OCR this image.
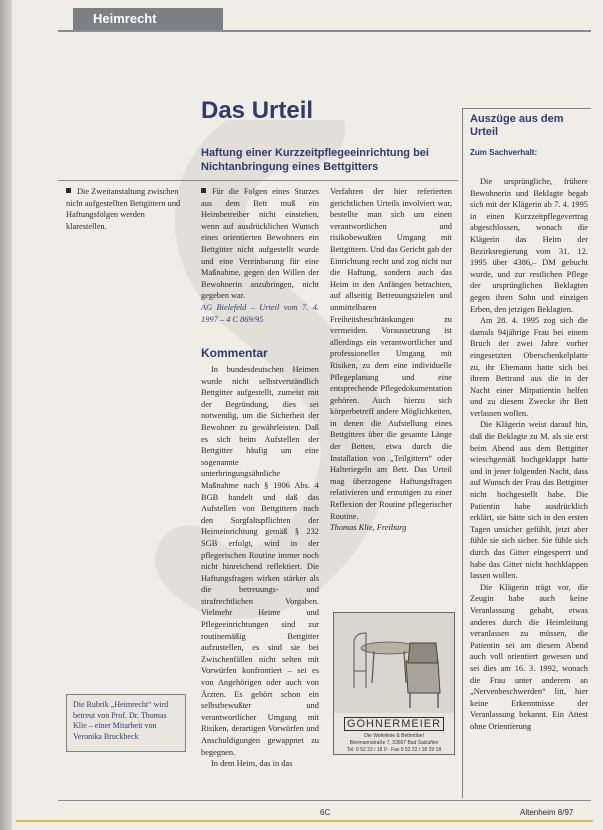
Heimrecht
Das Urteil
Haftung einer Kurzzeitpflegeeinrichtung bei Nichtanbringung eines Bettgitters
Die Zweitanstaltung zwischen nicht aufgestellten Bettgittern und Haftungsfolgen werden klarestellen.

Für die Folgen eines Sturzes aus dem Bett muß ein Heimbetreiber nicht einstehen, wenn auf ausdrücklichen Wunsch eines orientierten Bewohners ein Bettgitter nicht aufgestellt wurde und eine Vereinbarung für eine Maßnahme, gegen den Willen der Bewohnerin anzubringen, nicht gegeben war.

AG Bielefeld – Urteil vom 7. 4. 1997 – 4 C 869/95

Kommentar

In bundesdeutschen Heimen wurde nicht selbstverständlich Bettgitter aufgestellt, zumeist mit der Begründung, dies sei notwendig, um die Sicherheit der Bewohner zu gewährleisten. Daß es sich beim Aufstellen der Bettgitter häufig um eine sogenannte unterbringungsähnliche Maßnahme nach § 1906 Abs. 4 BGB handelt und daß das Aufstellen von Bettgittern nach den Sorgfaltspflichten der Heimeinrichtung gemäß § 232 SGB erfolgt, wird in der pflegerischen Routine immer noch nicht hinreichend reflektiert. Die Haftungsfragen wirken stärker als die betreuungs- und strafrechtlichen Vorgaben. Vielmehr Heime und Pflegeeinrichtungen sind zur routinemäßig Bettgitter aufzustellen, es sind sie bei Zwischenfällen nicht selten mit Vorwürfen konfrontiert – sei es von Angehörigen oder auch von Ärzten. Es gehört schon ein selbstbewußter und verantwortlicher Umgang mit Risiken, derartigen Vorwürfen und Anschuldigungen gewappnet zu begegnen.

In dem Heim, das in das

Verfahren der hier referierten gerichtlichen Urteils involviert war, bestellte man sich um einen verantwortlichen und risikobewußten Umgang mit Bettgittern. Und das Gericht gab der Einrichtung recht und zog nicht nur die Haftung, sondern auch das Heim in den Anfängen betrachten, auf allseitig Betreuungszielen und unmittelbaren Freiheitsbeschränkungen zu vermeiden. Voraussetzung ist allerdings ein verantwortlicher und professioneller Umgang mit Risiken, zu dem eine individuelle Pflegeplanung und eine entsprechende Pflegedokumentation gehören. Auch hierzu sich körperbetreff andere Möglichkeiten, in denen die Aufstellung eines Bettgitters über die gesamte Länge der Betten, etwa durch die Installation von „Teilgittern“ oder Halteriegeln am Bett. Das Urteil mag überzogene Haftungsfragen relativieren und ermutigen zu einer Reflexion der Routine pflegerischer Routine.

Thomas Klie, Freiburg

GÖHNERMEIER
Die Wohnlinie & Bettmöbel
Biermannstraße 7, 33607 Bad Salzuflen
Tel. 0 52 22 / 18 0 · Fax 0 52 22 / 18 29 18
Auszüge aus dem Urteil
Zum Sachverhalt:

Die ursprüngliche, frühere Bewohnerin und Beklagte begab sich mit der Klägerin ab 7. 4. 1995 in einen Kurzzeitpflegevertrag abgeschlossen, wonach die Klägerin das Heim der Bezirksregierung vom 31. 12. 1995 über 4386,– DM gebucht wurde, und zur restlichen Pflege der ursprünglichen Beklagten gegen ihren Sohn und einzigen Erben, den jetzigen Beklagten.

Am 28. 4. 1995 zog sich die damals 94jährige Frau bei einem Bruch der zwei Jahre vorher eingesetzten Oberschenkelplatte zu, ihr Ehemann hatte sich bei ihrem Bettrand aus die in der Nacht einer Mitpatientin helfen und zu diesem Zwecke ihr Bett verlassen wollen.

Die Klägerin weist darauf hin, daß die Beklagte zu M. als sie erst beim Abend aus dem Bettgitter wieschgemäß hochgeklappt hatte und in jener folgenden Nacht, dass auf Wunsch der Frau das Bettgitter nicht hochgestellt habe. Die Patientin habe ausdrücklich erklärt, sie hätte sich in den ersten Tagen unsicher gefühlt, jetzt aber fühle sie sich sicher. Sie fühle sich durch das Gitter eingesperrt und habe das Gitter nicht hochklappen lassen wollen.

Die Klägerin trägt vor, die Zeugin habe auch keine Veranlassung gehabt, etwas anderes durch die Heimleitung veranlassen zu müssen, die Patientin sei am diesem Abend auch voll orientiert gewesen und sei dies am 16. 3. 1992, wonach die Frau unter anderem an „Nervenbeschwerden“ litt, hier keine Erkenntnisse der Veranlassung bekannt. Ein Attest ohne Orientierung

Die Rubrik „Heimrecht“ wird betreut von Prof. Dr. Thomas Klie – einer Mitarbeit von Veronika Bruckbeck
6C	Altenheim 8/97
